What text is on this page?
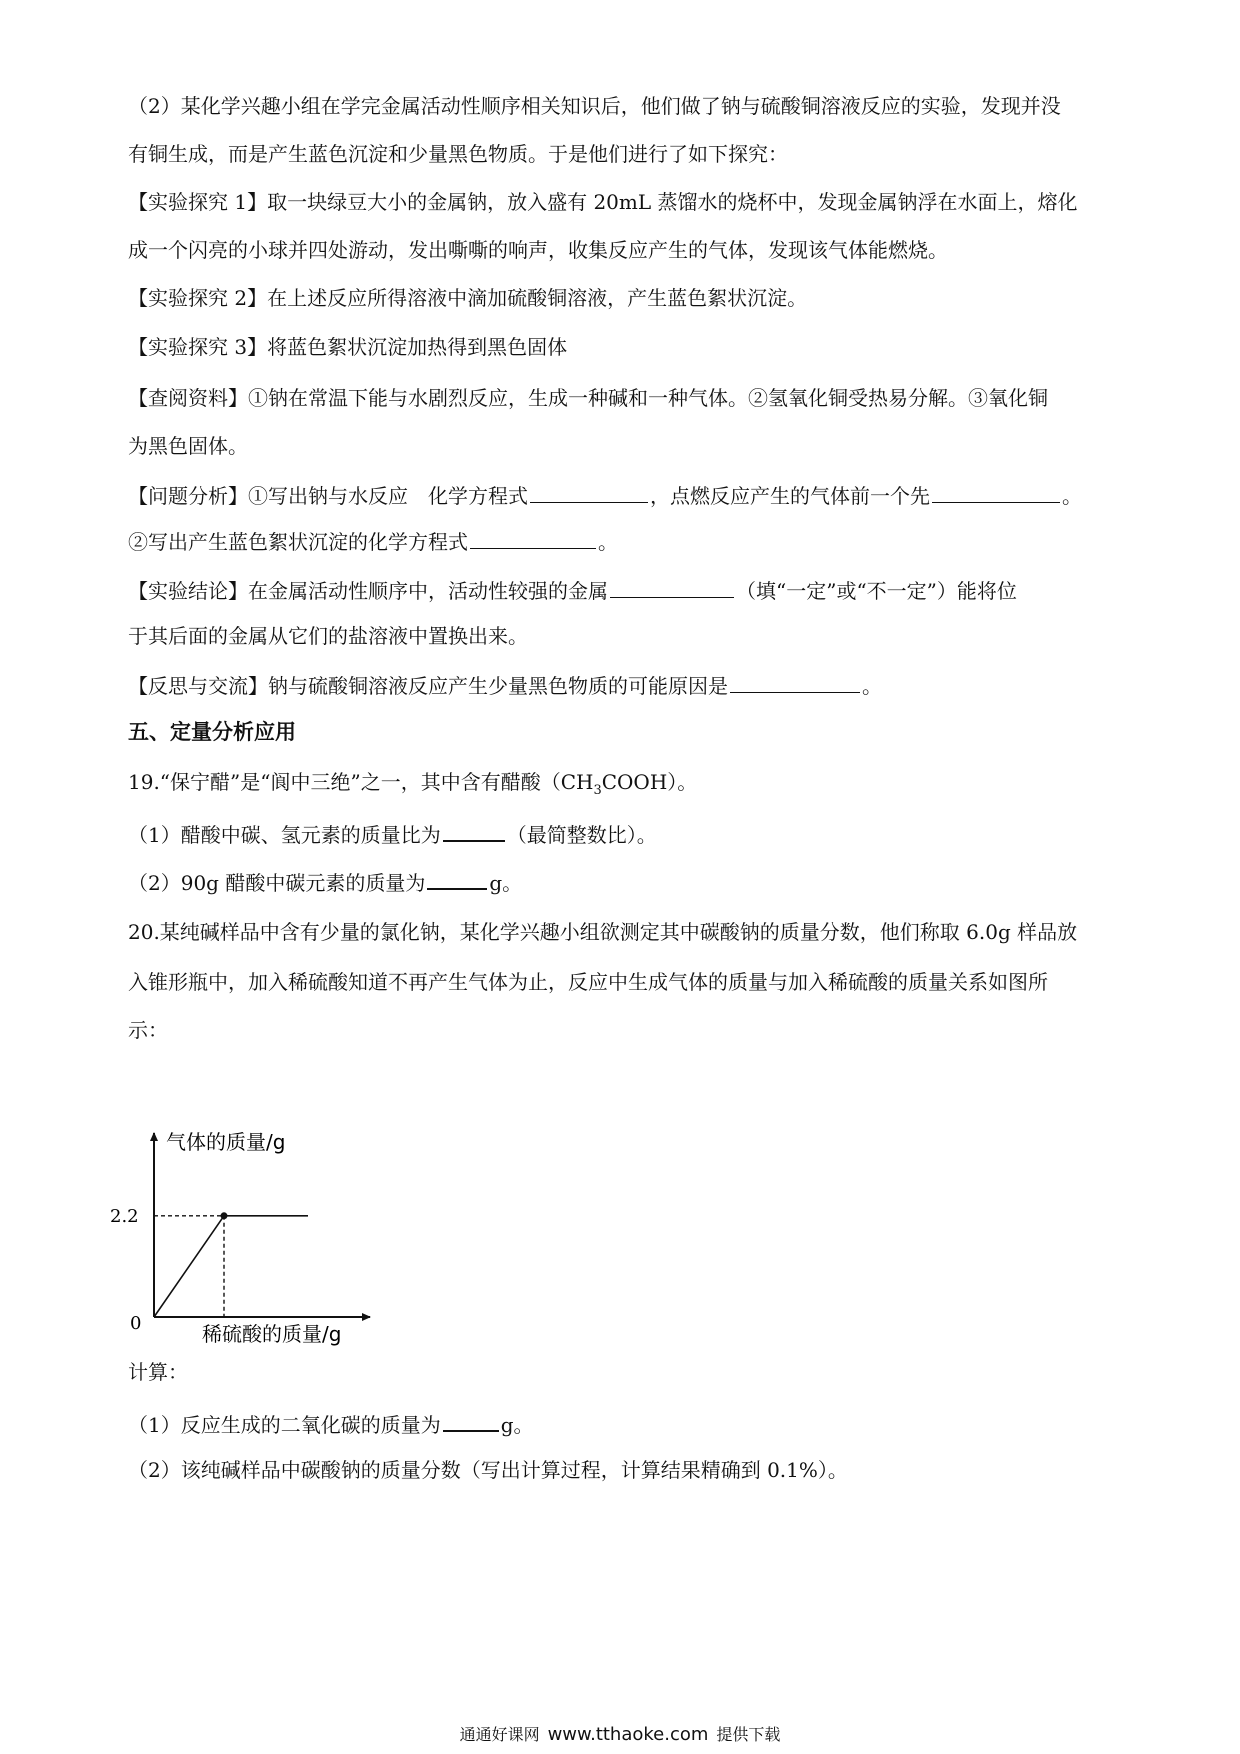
（2）某化学兴趣小组在学完金属活动性顺序相关知识后，他们做了钠与硫酸铜溶液反应的实验，发现并没
有铜生成，而是产生蓝色沉淀和少量黑色物质。于是他们进行了如下探究：
【实验探究 1】取一块绿豆大小的金属钠，放入盛有 20mL 蒸馏水的烧杯中，发现金属钠浮在水面上，熔化
成一个闪亮的小球并四处游动，发出嘶嘶的响声，收集反应产生的气体，发现该气体能燃烧。
【实验探究 2】在上述反应所得溶液中滴加硫酸铜溶液，产生蓝色絮状沉淀。
【实验探究 3】将蓝色絮状沉淀加热得到黑色固体
【查阅资料】①钠在常温下能与水剧烈反应，生成一种碱和一种气体。②氢氧化铜受热易分解。③氧化铜
为黑色固体。
【问题分析】①写出钠与水反应　化学方程式	，点燃反应产生的气体前一个先	。
②写出产生蓝色絮状沉淀的化学方程式	。
【实验结论】在金属活动性顺序中，活动性较强的金属	（填“一定”或“不一定”）能将位
于其后面的金属从它们的盐溶液中置换出来。
【反思与交流】钠与硫酸铜溶液反应产生少量黑色物质的可能原因是	。
五、定量分析应用
19.“保宁醋”是“阆中三绝”之一，其中含有醋酸$(CH_3COOH)$。
（1）醋酸中碳、氢元素的质量比为	（最简整数比）。
（2）90g 醋酸中碳元素的质量为	g。
20.某纯碱样品中含有少量的氯化钠，某化学兴趣小组欲测定其中碳酸钠的质量分数，他们称取 6.0g 样品放
入锥形瓶中，加入稀硫酸知道不再产生气体为止，反应中生成气体的质量与加入稀硫酸的质量关系如图所
示：
气体的质量/g
稀硫酸的质量/g
0
2.2
计算：
（1）反应生成的二氧化碳的质量为	g。
（2）该纯碱样品中碳酸钠的质量分数（写出计算过程，计算结果精确到 0.1%）。
通通好课网 www.tthaoke.com 提供下载
